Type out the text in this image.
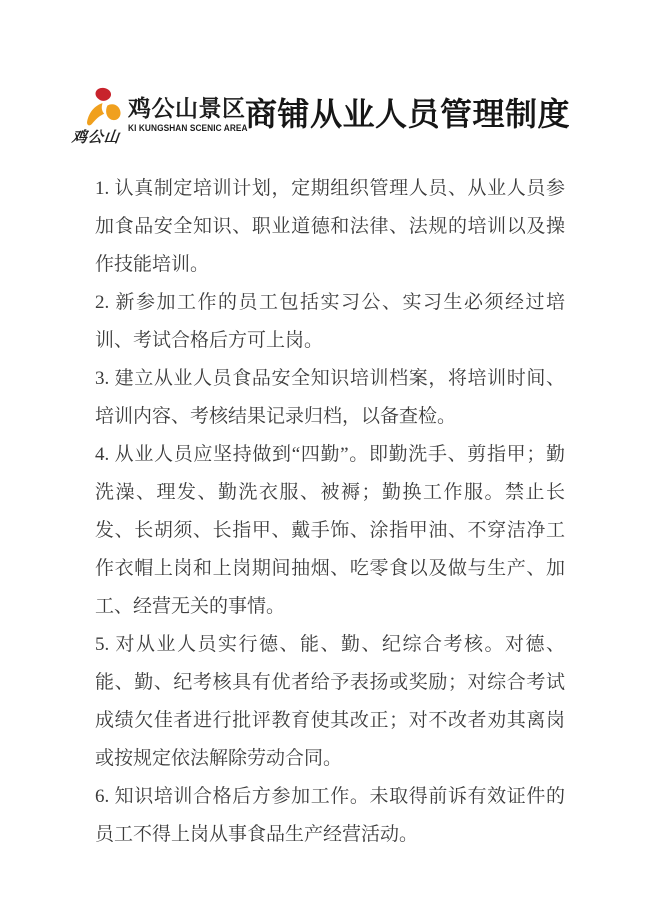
鸡公山
鸡公山景区
KI KUNGSHAN SCENIC AREA
商铺从业人员管理制度

1. 认真制定培训计划，定期组织管理人员、从业人员参加食品安全知识、职业道德和法律、法规的培训以及操作技能培训。

2. 新参加工作的员工包括实习公、实习生必须经过培训、考试合格后方可上岗。

3. 建立从业人员食品安全知识培训档案，将培训时间、培训内容、考核结果记录归档，以备查检。

4. 从业人员应坚持做到“四勤”。即勤洗手、剪指甲；勤洗澡、理发、勤洗衣服、被褥；勤换工作服。禁止长发、长胡须、长指甲、戴手饰、涂指甲油、不穿洁净工作衣帽上岗和上岗期间抽烟、吃零食以及做与生产、加工、经营无关的事情。

5. 对从业人员实行德、能、勤、纪综合考核。对德、能、勤、纪考核具有优者给予表扬或奖励；对综合考试成绩欠佳者进行批评教育使其改正；对不改者劝其离岗或按规定依法解除劳动合同。

6. 知识培训合格后方参加工作。未取得前诉有效证件的员工不得上岗从事食品生产经营活动。
